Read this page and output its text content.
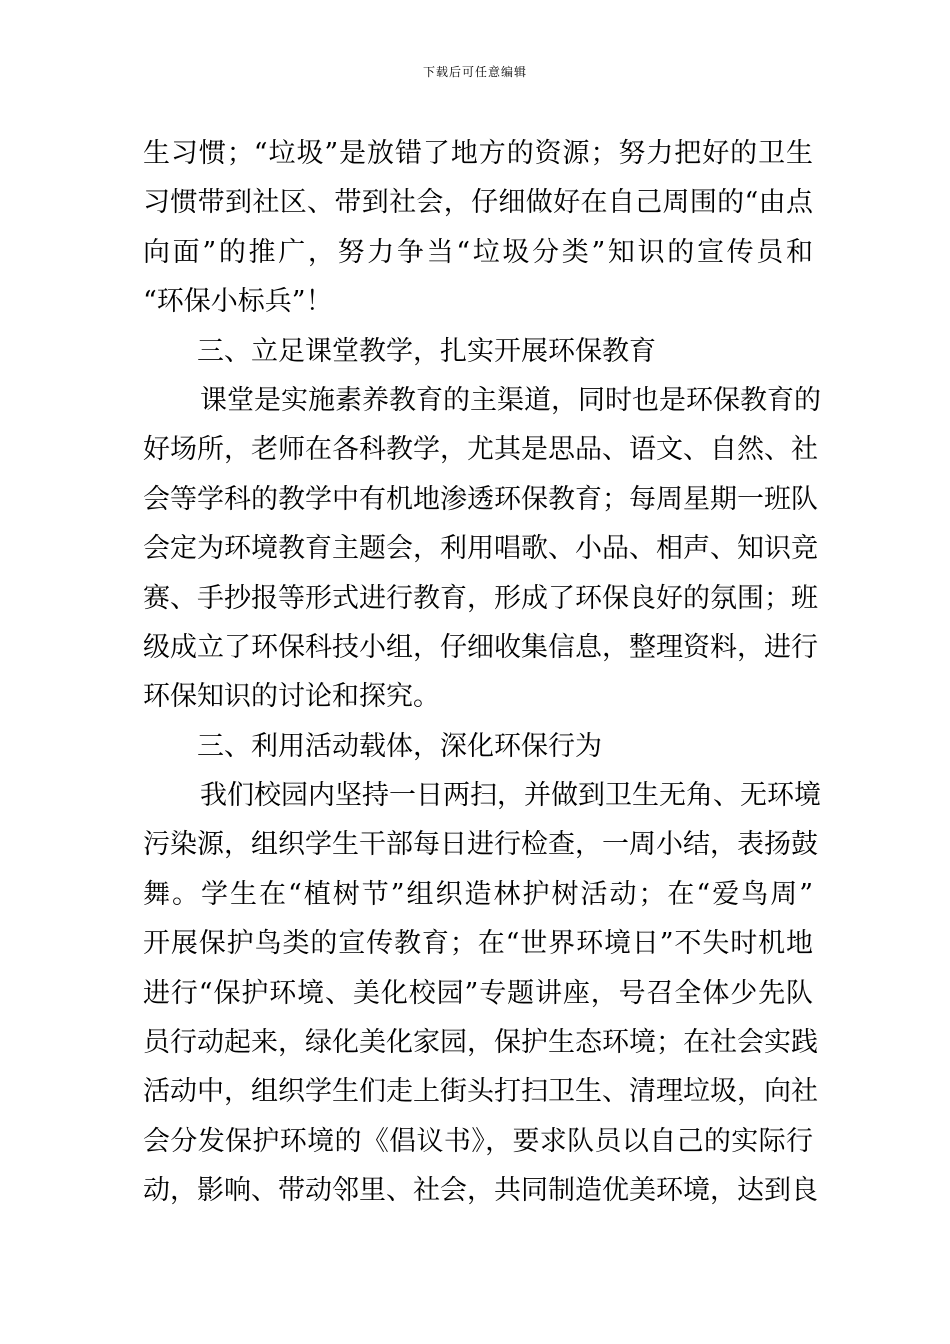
下载后可任意编辑
生习惯；“垃圾”是放错了地方的资源；努力把好的卫生
习惯带到社区、带到社会，仔细做好在自己周围的“由点
向面”的推广，努力争当“垃圾分类”知识的宣传员和
“环保小标兵”！
三、立足课堂教学，扎实开展环保教育
课堂是实施素养教育的主渠道，同时也是环保教育的
好场所，老师在各科教学，尤其是思品、语文、自然、社
会等学科的教学中有机地渗透环保教育；每周星期一班队
会定为环境教育主题会，利用唱歌、小品、相声、知识竞
赛、手抄报等形式进行教育，形成了环保良好的氛围；班
级成立了环保科技小组，仔细收集信息，整理资料，进行
环保知识的讨论和探究。
三、利用活动载体，深化环保行为
我们校园内坚持一日两扫，并做到卫生无角、无环境
污染源，组织学生干部每日进行检查，一周小结，表扬鼓
舞。学生在“植树节”组织造林护树活动；在“爱鸟周”
开展保护鸟类的宣传教育；在“世界环境日”不失时机地
进行“保护环境、美化校园”专题讲座，号召全体少先队
员行动起来，绿化美化家园，保护生态环境；在社会实践
活动中，组织学生们走上街头打扫卫生、清理垃圾，向社
会分发保护环境的《倡议书》，要求队员以自己的实际行
动，影响、带动邻里、社会，共同制造优美环境，达到良
